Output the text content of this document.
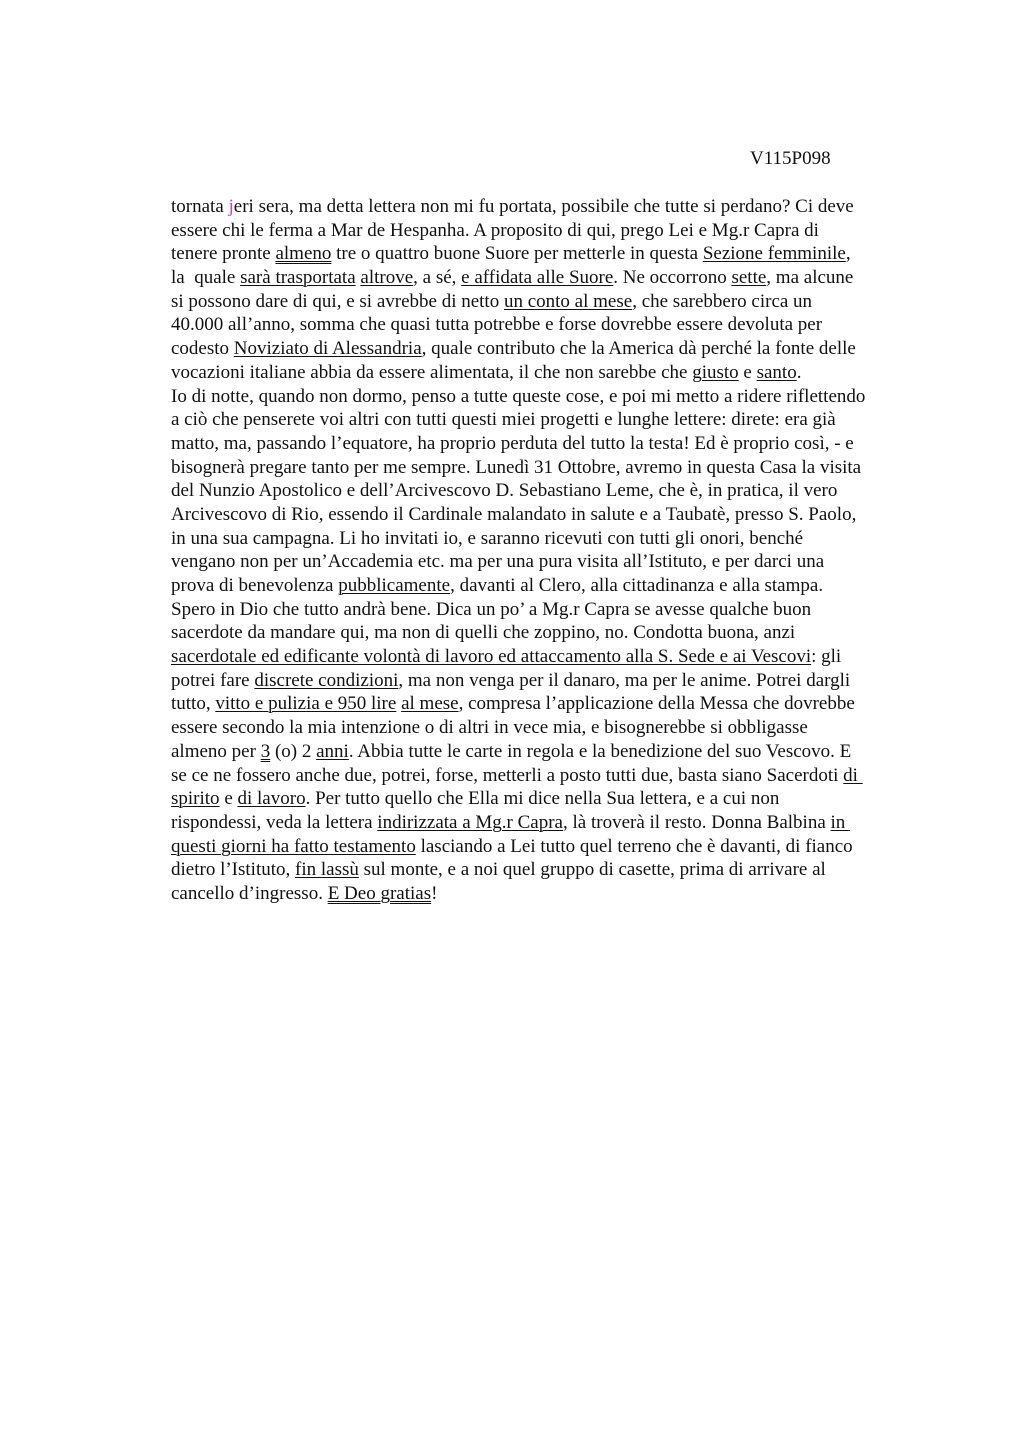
V115P098
tornata jeri sera, ma detta lettera non mi fu portata, possibile che tutte si perdano? Ci deve
essere chi le ferma a Mar de Hespanha. A proposito di qui, prego Lei e Mg.r Capra di
tenere pronte almeno tre o quattro buone Suore per metterle in questa Sezione femminile,
la  quale sarà trasportata altrove, a sé, e affidata alle Suore. Ne occorrono sette, ma alcune
si possono dare di qui, e si avrebbe di netto un conto al mese, che sarebbero circa un
40.000 all’anno, somma che quasi tutta potrebbe e forse dovrebbe essere devoluta per
codesto Noviziato di Alessandria, quale contributo che la America dà perché la fonte delle
vocazioni italiane abbia da essere alimentata, il che non sarebbe che giusto e santo.
Io di notte, quando non dormo, penso a tutte queste cose, e poi mi metto a ridere riflettendo
a ciò che penserete voi altri con tutti questi miei progetti e lunghe lettere: direte: era già
matto, ma, passando l’equatore, ha proprio perduta del tutto la testa! Ed è proprio così, - e
bisognerà pregare tanto per me sempre. Lunedì 31 Ottobre, avremo in questa Casa la visita
del Nunzio Apostolico e dell’Arcivescovo D. Sebastiano Leme, che è, in pratica, il vero
Arcivescovo di Rio, essendo il Cardinale malandato in salute e a Taubatè, presso S. Paolo,
in una sua campagna. Li ho invitati io, e saranno ricevuti con tutti gli onori, benché
vengano non per un’Accademia etc. ma per una pura visita all’Istituto, e per darci una
prova di benevolenza pubblicamente, davanti al Clero, alla cittadinanza e alla stampa.
Spero in Dio che tutto andrà bene. Dica un po’ a Mg.r Capra se avesse qualche buon
sacerdote da mandare qui, ma non di quelli che zoppino, no. Condotta buona, anzi
sacerdotale ed edificante volontà di lavoro ed attaccamento alla S. Sede e ai Vescovi: gli
potrei fare discrete condizioni, ma non venga per il danaro, ma per le anime. Potrei dargli
tutto, vitto e pulizia e 950 lire al mese, compresa l’applicazione della Messa che dovrebbe
essere secondo la mia intenzione o di altri in vece mia, e bisognerebbe si obbligasse
almeno per 3 (o) 2 anni. Abbia tutte le carte in regola e la benedizione del suo Vescovo. E
se ce ne fossero anche due, potrei, forse, metterli a posto tutti due, basta siano Sacerdoti di
spirito e di lavoro. Per tutto quello che Ella mi dice nella Sua lettera, e a cui non
rispondessi, veda la lettera indirizzata a Mg.r Capra, là troverà il resto. Donna Balbina in
questi giorni ha fatto testamento lasciando a Lei tutto quel terreno che è davanti, di fianco
dietro l’Istituto, fin lassù sul monte, e a noi quel gruppo di casette, prima di arrivare al
cancello d’ingresso. E Deo gratias!
